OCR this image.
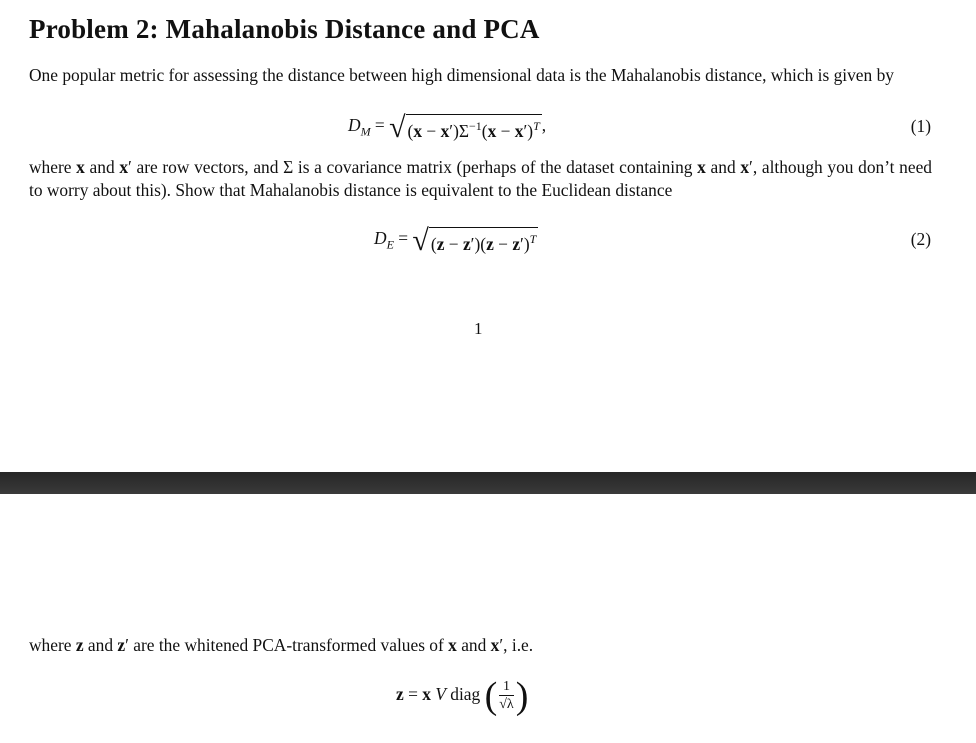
Problem 2: Mahalanobis Distance and PCA

One popular metric for assessing the distance between high dimensional data is the Mahalanobis distance, which is given by

$D_M$ = √ $(x - x')\Sigma^{-1}(x - x')^T$ ,	(1)

where x and x′ are row vectors, and Σ is a covariance matrix (perhaps of the dataset containing x and x′, although you don’t need to worry about this). Show that Mahalanobis distance is equivalent to the Euclidean distance

$D_E$ = √ $(z - z')(z - z')^T$	(2)
1

where z and z′ are the whitened PCA-transformed values of x and x′, i.e.

z = x V diag ( $\frac{1}{√\lambda}$ )
